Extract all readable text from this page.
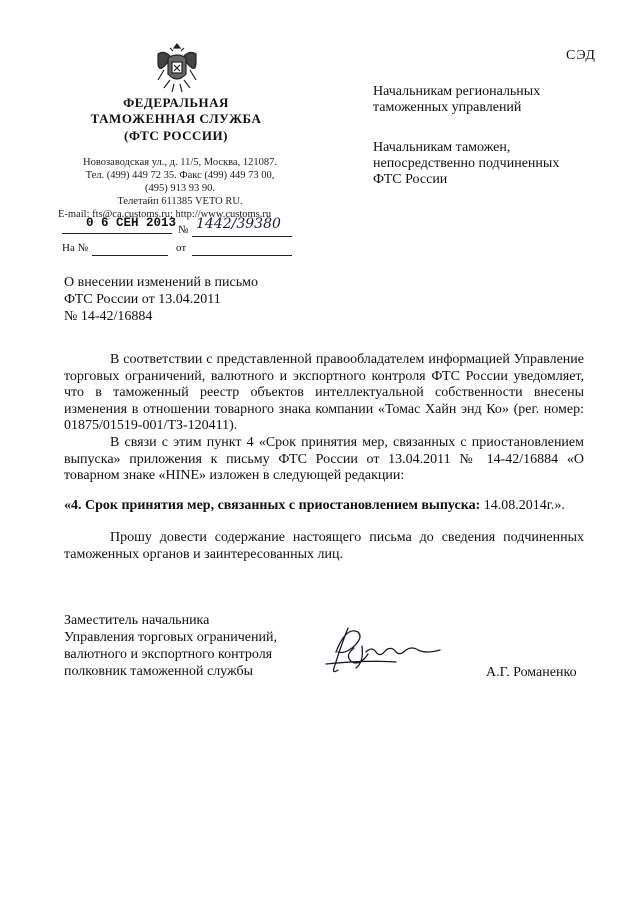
СЭД
ФЕДЕРАЛЬНАЯ
ТАМОЖЕННАЯ СЛУЖБА
(ФТС РОССИИ)
Новозаводская ул., д. 11/5, Москва, 121087.
Тел. (499) 449 72 35. Факс (499) 449 73 00,
(495) 913 93 90.
Телетайп 611385 VETO RU.
E-mail: fts@ca.customs.ru; http://www.customs.ru
0 6 СЕН 2013 № 1442/39380
На №	от
Начальникам региональных
таможенных управлений
Начальникам таможен,
непосредственно подчиненных
ФТС России
О внесении изменений в письмо
ФТС России от 13.04.2011
№ 14-42/16884
В соответствии с представленной правообладателем информацией Управление торговых ограничений, валютного и экспортного контроля ФТС России уведомляет, что в таможенный реестр объектов интеллектуальной собственности внесены изменения в отношении товарного знака компании «Томас Хайн энд Ко» (рег. номер: 01875/01519-001/ТЗ-120411).
В связи с этим пункт 4 «Срок принятия мер, связанных с приостановлением выпуска» приложения к письму ФТС России от 13.04.2011 № 14-42/16884 «О товарном знаке «HINE» изложен в следующей редакции:
«4. Срок принятия мер, связанных с приостановлением выпуска: 14.08.2014г.».
Прошу довести содержание настоящего письма до сведения подчиненных таможенных органов и заинтересованных лиц.
Заместитель начальника
Управления торговых ограничений,
валютного и экспортного контроля
полковник таможенной службы	А.Г. Романенко
